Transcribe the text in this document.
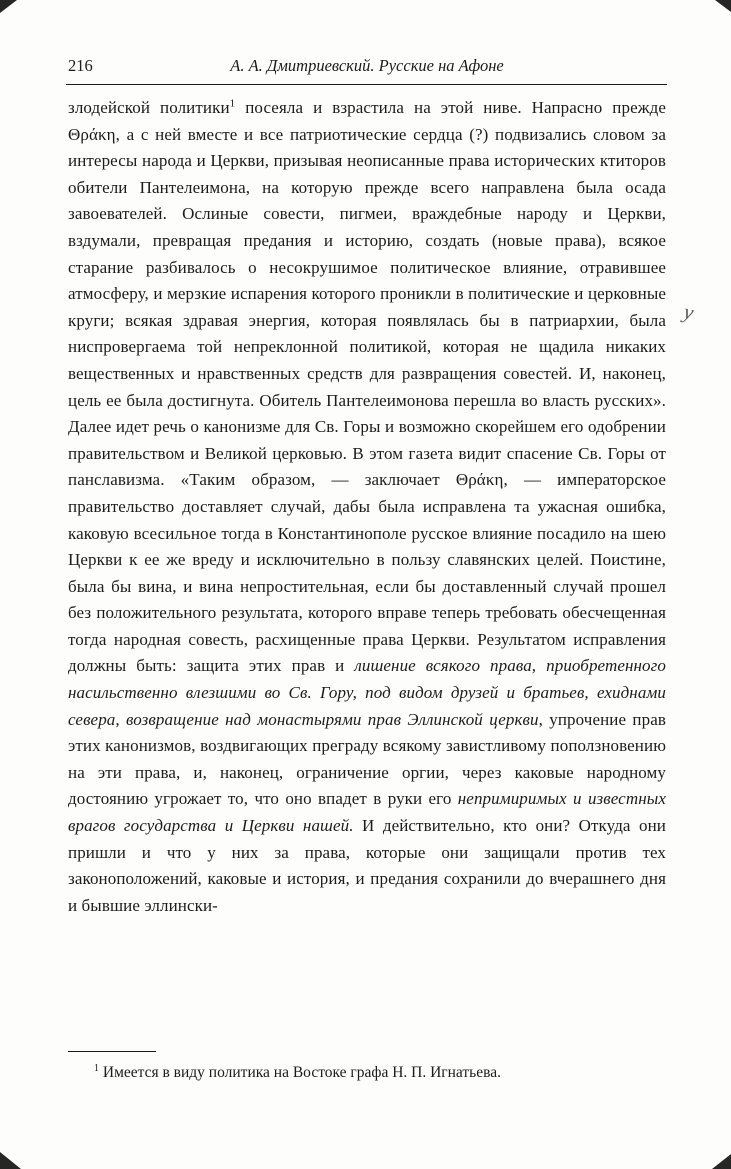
216	А. А. Дмитриевский. Русские на Афоне

злодейской политики$^1$ посеяла и взрастила на этой ниве. Напрасно прежде Θράκη, а с ней вместе и все патриотические сердца (?) подвизались словом за интересы народа и Церкви, призывая неописанные права исторических ктиторов обители Пантелеимона, на которую прежде всего направлена была осада завоевателей. Ослиные совести, пигмеи, враждебные народу и Церкви, вздумали, превращая предания и историю, создать (новые права), всякое старание разбивалось о несокрушимое политическое влияние, отравившее атмосферу, и мерзкие испарения которого проникли в политические и церковные круги; всякая здравая энергия, которая появлялась бы в патриархии, была ниспровергаема той непреклонной политикой, которая не щадила никаких вещественных и нравственных средств для развращения совестей. И, наконец, цель ее была достигнута. Обитель Пантелеимонова перешла во власть русских». Далее идет речь о канонизме для Св. Горы и возможно скорейшем его одобрении правительством и Великой церковью. В этом газета видит спасение Св. Горы от панславизма. «Таким образом, — заключает Θράκη, — императорское правительство доставляет случай, дабы была исправлена та ужасная ошибка, каковую всесильное тогда в Константинополе русское влияние посадило на шею Церкви к ее же вреду и исключительно в пользу славянских целей. Поистине, была бы вина, и вина непростительная, если бы доставленный случай прошел без положительного результата, которого вправе теперь требовать обесчещенная тогда народная совесть, расхищенные права Церкви. Результатом исправления должны быть: защита этих прав и лишение всякого права, приобретенного насильственно влезшими во Св. Гору, под видом друзей и братьев, ехиднами севера, возвращение над монастырями прав Эллинской церкви, упрочение прав этих канонизмов, воздвигающих преграду всякому завистливому поползновению на эти права, и, наконец, ограничение оргии, через каковые народному достоянию угрожает то, что оно впадет в руки его непримиримых и известных врагов государства и Церкви нашей. И действительно, кто они? Откуда они пришли и что у них за права, которые они защищали против тех законоположений, каковые и история, и предания сохранили до вчерашнего дня и бывшие эллински-

у
$^1$ Имеется в виду политика на Востоке графа Н. П. Игнатьева.
